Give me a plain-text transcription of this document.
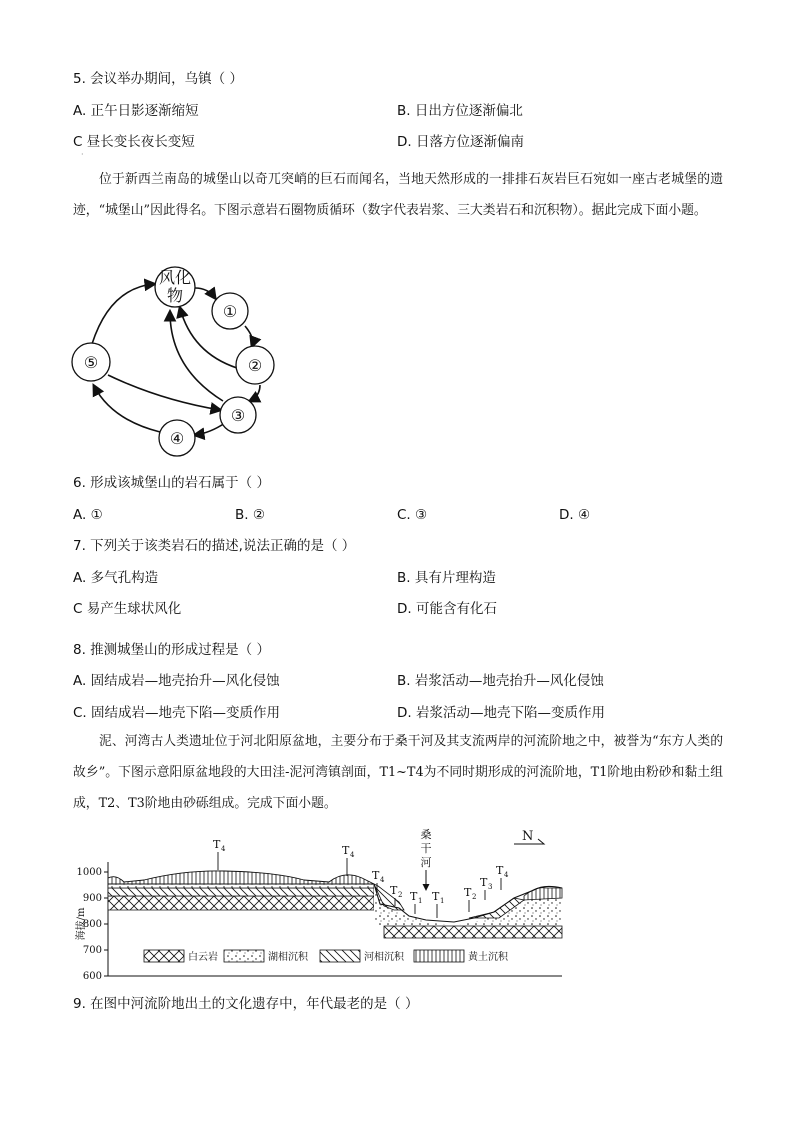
5. 会议举办期间，乌镇（ ）
A. 正午日影逐渐缩短	B. 日出方位逐渐偏北
C 昼长变长夜长变短	D. 日落方位逐渐偏南
·
位于新西兰南岛的城堡山以奇兀突峭的巨石而闻名，当地天然形成的一排排石灰岩巨石宛如一座古老城堡的遗迹，“城堡山”因此得名。下图示意岩石圈物质循环（数字代表岩浆、三大类岩石和沉积物）。据此完成下面小题。
风化
物
①
②
③
④
⑤
6. 形成该城堡山的岩石属于（ ）
A. ①	B. ②	C. ③	D. ④
7. 下列关于该类岩石的描述,说法正确的是（ ）
A. 多气孔构造	B. 具有片理构造
C 易产生球状风化	D. 可能含有化石
8. 推测城堡山的形成过程是（ ）
A. 固结成岩—地壳抬升—风化侵蚀	B. 岩浆活动—地壳抬升—风化侵蚀
C. 固结成岩—地壳下陷—变质作用	D. 岩浆活动—地壳下陷—变质作用
泥、河湾古人类遗址位于河北阳原盆地，主要分布于桑干河及其支流两岸的河流阶地之中，被誉为“东方人类的故乡”。下图示意阳原盆地段的大田洼-泥河湾镇剖面，T1~T4为不同时期形成的河流阶地，T1阶地由粉砂和黏土组成，T2、T3阶地由砂砾组成。完成下面小题。
1000
900
800
700
600
海拔/m
T 4	T 4
T 4
T 2 T 1 T 1
T 2
T 3
T 4
桑
干
河
N
白云岩	湖相沉积	河相沉积	黄土沉积
9. 在图中河流阶地出土的文化遗存中，年代最老的是（ ）
